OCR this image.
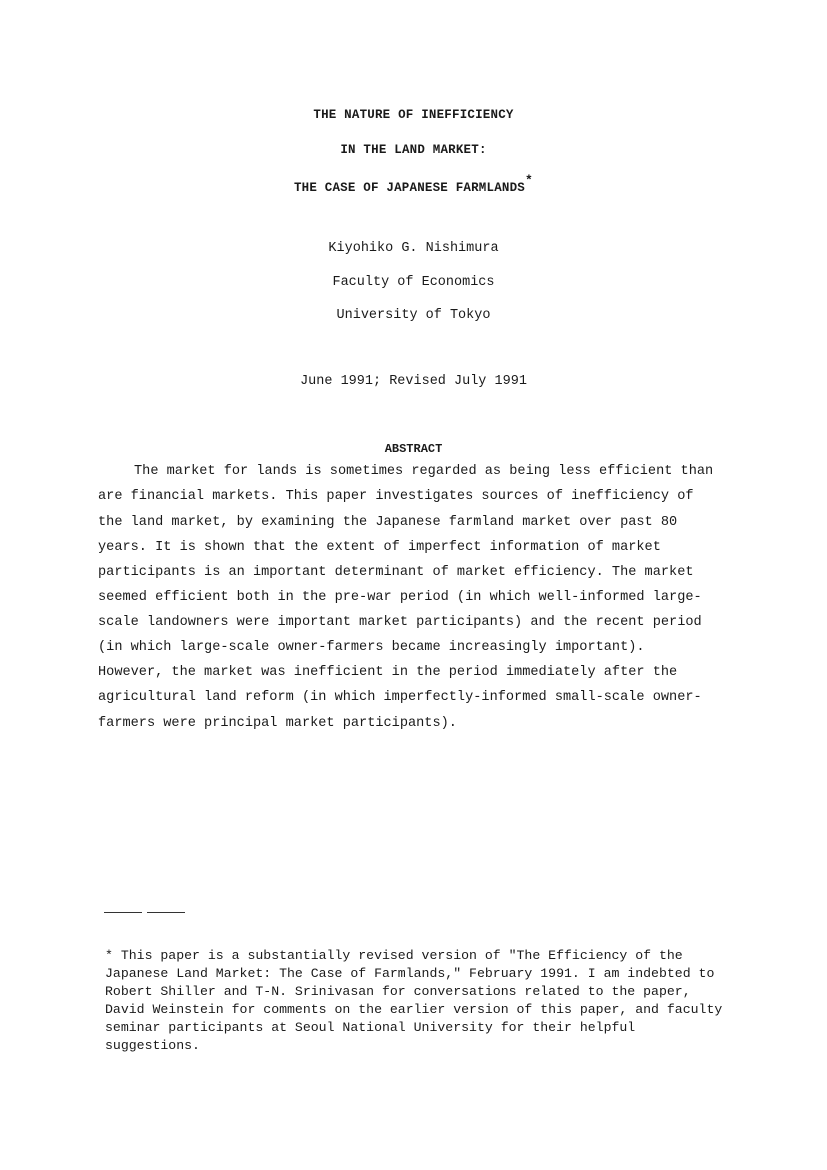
THE NATURE OF INEFFICIENCY
IN THE LAND MARKET:
THE CASE OF JAPANESE FARMLANDS*
Kiyohiko G. Nishimura
Faculty of Economics
University of Tokyo
June 1991; Revised July 1991
ABSTRACT
The market for lands is sometimes regarded as being less efficient than
are financial markets. This paper investigates sources of inefficiency of
the land market, by examining the Japanese farmland market over past 80
years. It is shown that the extent of imperfect information of market
participants is an important determinant of market efficiency. The market
seemed efficient both in the pre-war period (in which well-informed large-
scale landowners were important market participants) and the recent period
(in which large-scale owner-farmers became increasingly important).
However, the market was inefficient in the period immediately after the
agricultural land reform (in which imperfectly-informed small-scale owner-
farmers were principal market participants).
* This paper is a substantially revised version of "The Efficiency of the
Japanese Land Market: The Case of Farmlands," February 1991. I am indebted to
Robert Shiller and T-N. Srinivasan for conversations related to the paper,
David Weinstein for comments on the earlier version of this paper, and faculty
seminar participants at Seoul National University for their helpful
suggestions.
